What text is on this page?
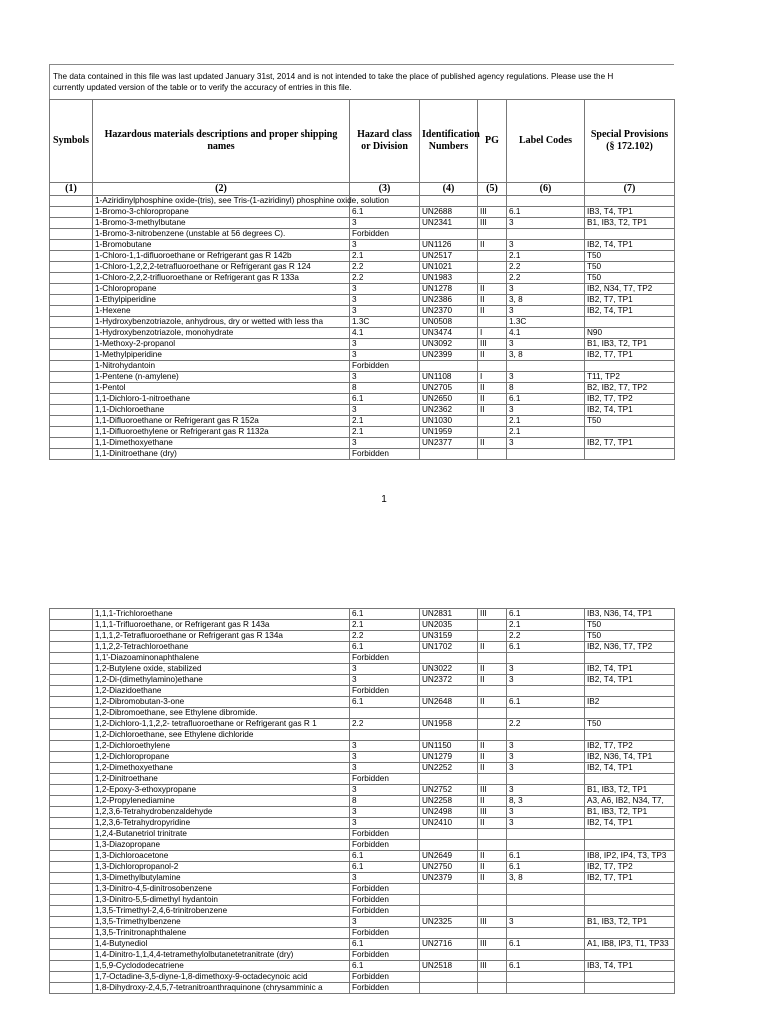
The data contained in this file was last updated January 31st, 2014 and is not intended to take the place of published agency regulations. Please use the H
currently updated version of the table or to verify the accuracy of entries in this file.
Symbols	Hazardous materials descriptions and proper shipping names	Hazard class or Division	Identification Numbers	PG	Label Codes	Special Provisions (§ 172.102)
(1)	(2)	(3)	(4)	(5)	(6)	(7)
	1-Aziridinylphosphine oxide-(tris), see Tris-(1-aziridinyl) phosphine oxide, solution					
	1-Bromo-3-chloropropane	6.1	UN2688	III	6.1	IB3, T4, TP1
	1-Bromo-3-methylbutane	3	UN2341	III	3	B1, IB3, T2, TP1
	1-Bromo-3-nitrobenzene (unstable at 56 degrees C).	Forbidden				
	1-Bromobutane	3	UN1126	II	3	IB2, T4, TP1
	1-Chloro-1,1-difluoroethane or Refrigerant gas R 142b	2.1	UN2517		2.1	T50
	1-Chloro-1,2,2,2-tetrafluoroethane or Refrigerant gas R 124	2.2	UN1021		2.2	T50
	1-Chloro-2,2,2-trifluoroethane or Refrigerant gas R 133a	2.2	UN1983		2.2	T50
	1-Chloropropane	3	UN1278	II	3	IB2, N34, T7, TP2
	1-Ethylpiperidine	3	UN2386	II	3, 8	IB2, T7, TP1
	1-Hexene	3	UN2370	II	3	IB2, T4, TP1
	1-Hydroxybenzotriazole, anhydrous, dry or wetted with less tha	1.3C	UN0508		1.3C	
	1-Hydroxybenzotriazole, monohydrate	4.1	UN3474	I	4.1	N90
	1-Methoxy-2-propanol	3	UN3092	III	3	B1, IB3, T2, TP1
	1-Methylpiperidine	3	UN2399	II	3, 8	IB2, T7, TP1
	1-Nitrohydantoin	Forbidden				
	1-Pentene (n-amylene)	3	UN1108	I	3	T11, TP2
	1-Pentol	8	UN2705	II	8	B2, IB2, T7, TP2
	1,1-Dichloro-1-nitroethane	6.1	UN2650	II	6.1	IB2, T7, TP2
	1,1-Dichloroethane	3	UN2362	II	3	IB2, T4, TP1
	1,1-Difluoroethane or Refrigerant gas R 152a	2.1	UN1030		2.1	T50
	1,1-Difluoroethylene or Refrigerant gas R 1132a	2.1	UN1959		2.1	
	1,1-Dimethoxyethane	3	UN2377	II	3	IB2, T7, TP1
	1,1-Dinitroethane (dry)	Forbidden				
1
	1,1,1-Trichloroethane	6.1	UN2831	III	6.1	IB3, N36, T4, TP1
	1,1,1-Trifluoroethane, or Refrigerant gas R 143a	2.1	UN2035		2.1	T50
	1,1,1,2-Tetrafluoroethane or Refrigerant gas R 134a	2.2	UN3159		2.2	T50
	1,1,2,2-Tetrachloroethane	6.1	UN1702	II	6.1	IB2, N36, T7, TP2
	1,1'-Diazoaminonaphthalene	Forbidden				
	1,2-Butylene oxide, stabilized	3	UN3022	II	3	IB2, T4, TP1
	1,2-Di-(dimethylamino)ethane	3	UN2372	II	3	IB2, T4, TP1
	1,2-Diazidoethane	Forbidden				
	1,2-Dibromobutan-3-one	6.1	UN2648	II	6.1	IB2
	1,2-Dibromoethane, see Ethylene dibromide.					
	1,2-Dichloro-1,1,2,2- tetrafluoroethane or Refrigerant gas R 1	2.2	UN1958		2.2	T50
	1,2-Dichloroethane, see Ethylene dichloride					
	1,2-Dichloroethylene	3	UN1150	II	3	IB2, T7, TP2
	1,2-Dichloropropane	3	UN1279	II	3	IB2, N36, T4, TP1
	1,2-Dimethoxyethane	3	UN2252	II	3	IB2, T4, TP1
	1,2-Dinitroethane	Forbidden				
	1,2-Epoxy-3-ethoxypropane	3	UN2752	III	3	B1, IB3, T2, TP1
	1,2-Propylenediamine	8	UN2258	II	8, 3	A3, A6, IB2, N34, T7,
	1,2,3,6-Tetrahydrobenzaldehyde	3	UN2498	III	3	B1, IB3, T2, TP1
	1,2,3,6-Tetrahydropyridine	3	UN2410	II	3	IB2, T4, TP1
	1,2,4-Butanetriol trinitrate	Forbidden				
	1,3-Diazopropane	Forbidden				
	1,3-Dichloroacetone	6.1	UN2649	II	6.1	IB8, IP2, IP4, T3, TP3
	1,3-Dichloropropanol-2	6.1	UN2750	II	6.1	IB2, T7, TP2
	1,3-Dimethylbutylamine	3	UN2379	II	3, 8	IB2, T7, TP1
	1,3-Dinitro-4,5-dinitrosobenzene	Forbidden				
	1,3-Dinitro-5,5-dimethyl hydantoin	Forbidden				
	1,3,5-Trimethyl-2,4,6-trinitrobenzene	Forbidden				
	1,3,5-Trimethylbenzene	3	UN2325	III	3	B1, IB3, T2, TP1
	1,3,5-Trinitronaphthalene	Forbidden				
	1,4-Butynediol	6.1	UN2716	III	6.1	A1, IB8, IP3, T1, TP33
	1,4-Dinitro-1,1,4,4-tetramethylolbutanetetranitrate (dry)	Forbidden				
	1,5,9-Cyclododecatriene	6.1	UN2518	III	6.1	IB3, T4, TP1
	1,7-Octadine-3,5-diyne-1,8-dimethoxy-9-octadecynoic acid	Forbidden				
	1,8-Dihydroxy-2,4,5,7-tetranitroanthraquinone (chrysamminic a	Forbidden				
